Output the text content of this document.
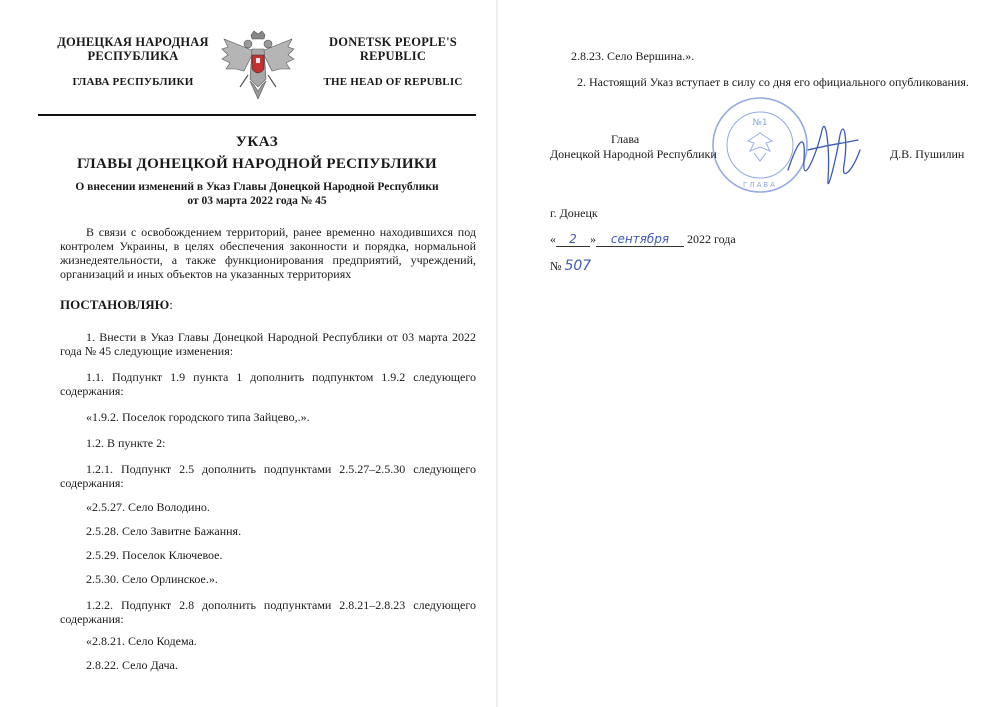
ДОНЕЦКАЯ НАРОДНАЯ
РЕСПУБЛИКА
ГЛАВА РЕСПУБЛИКИ
DONETSK PEOPLE'S
REPUBLIC
THE HEAD OF REPUBLIC
УКАЗ
ГЛАВЫ ДОНЕЦКОЙ НАРОДНОЙ РЕСПУБЛИКИ
О внесении изменений в Указ Главы Донецкой Народной Республики
от 03 марта 2022 года № 45
В связи с освобождением территорий, ранее временно находившихся под контролем Украины, в целях обеспечения законности и порядка, нормальной жизнедеятельности, а также функционирования предприятий, учреждений, организаций и иных объектов на указанных территориях
ПОСТАНОВЛЯЮ:
1. Внести в Указ Главы Донецкой Народной Республики от 03 марта 2022 года № 45 следующие изменения:
1.1. Подпункт 1.9 пункта 1 дополнить подпунктом 1.9.2 следующего содержания:
«1.9.2. Поселок городского типа Зайцево,.».
1.2. В пункте 2:
1.2.1. Подпункт 2.5 дополнить подпунктами 2.5.27–2.5.30 следующего содержания:
«2.5.27. Село Володино.
2.5.28. Село Завитне Бажання.
2.5.29. Поселок Ключевое.
2.5.30. Село Орлинское.».
1.2.2. Подпункт 2.8 дополнить подпунктами 2.8.21–2.8.23 следующего содержания:
«2.8.21. Село Кодема.
2.8.22. Село Дача.
2.8.23. Село Вершина.».
2. Настоящий Указ вступает в силу со дня его официального опубликования.
№1
ГЛАВА
Глава
Донецкой Народной Республики	Д.В. Пушилин
г. Донецк
« 2 » сентября 2022 года
№ 507
